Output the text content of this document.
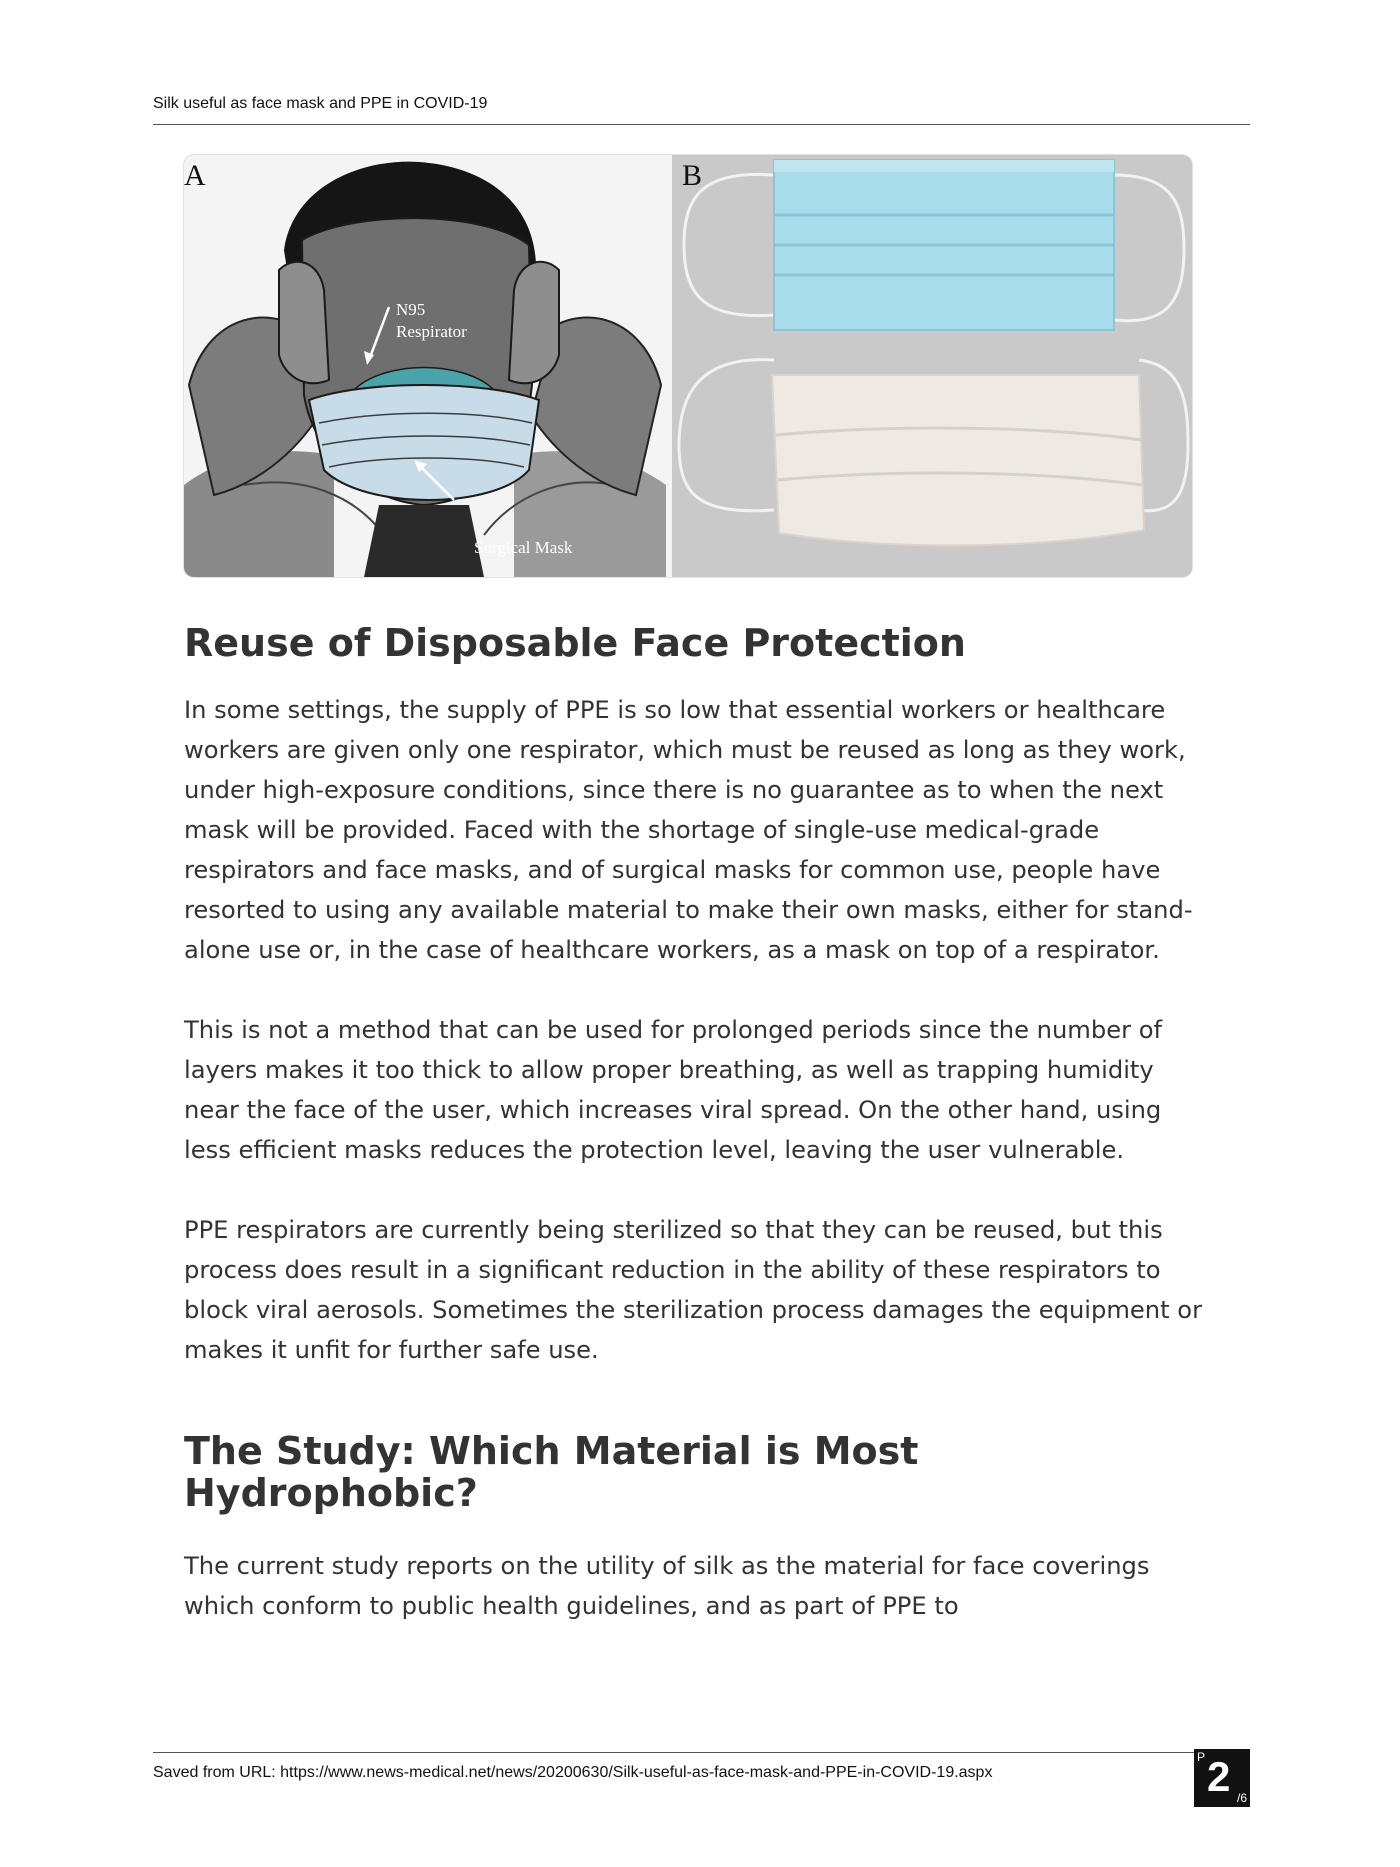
Silk useful as face mask and PPE in COVID-19
A
N95
Respirator
Surgical Mask
B
Reuse of Disposable Face Protection

In some settings, the supply of PPE is so low that essential workers or healthcare workers are given only one respirator, which must be reused as long as they work, under high-exposure conditions, since there is no guarantee as to when the next mask will be provided. Faced with the shortage of single-use medical-grade respirators and face masks, and of surgical masks for common use, people have resorted to using any available material to make their own masks, either for stand-alone use or, in the case of healthcare workers, as a mask on top of a respirator.

This is not a method that can be used for prolonged periods since the number of layers makes it too thick to allow proper breathing, as well as trapping humidity near the face of the user, which increases viral spread. On the other hand, using less efficient masks reduces the protection level, leaving the user vulnerable.

PPE respirators are currently being sterilized so that they can be reused, but this process does result in a significant reduction in the ability of these respirators to block viral aerosols. Sometimes the sterilization process damages the equipment or makes it unfit for further safe use.

The Study: Which Material is Most Hydrophobic?

The current study reports on the utility of silk as the material for face coverings which conform to public health guidelines, and as part of PPE to

Saved from URL: https://www.news-medical.net/news/20200630/Silk-useful-as-face-mask-and-PPE-in-COVID-19.aspx
P 2 /6
